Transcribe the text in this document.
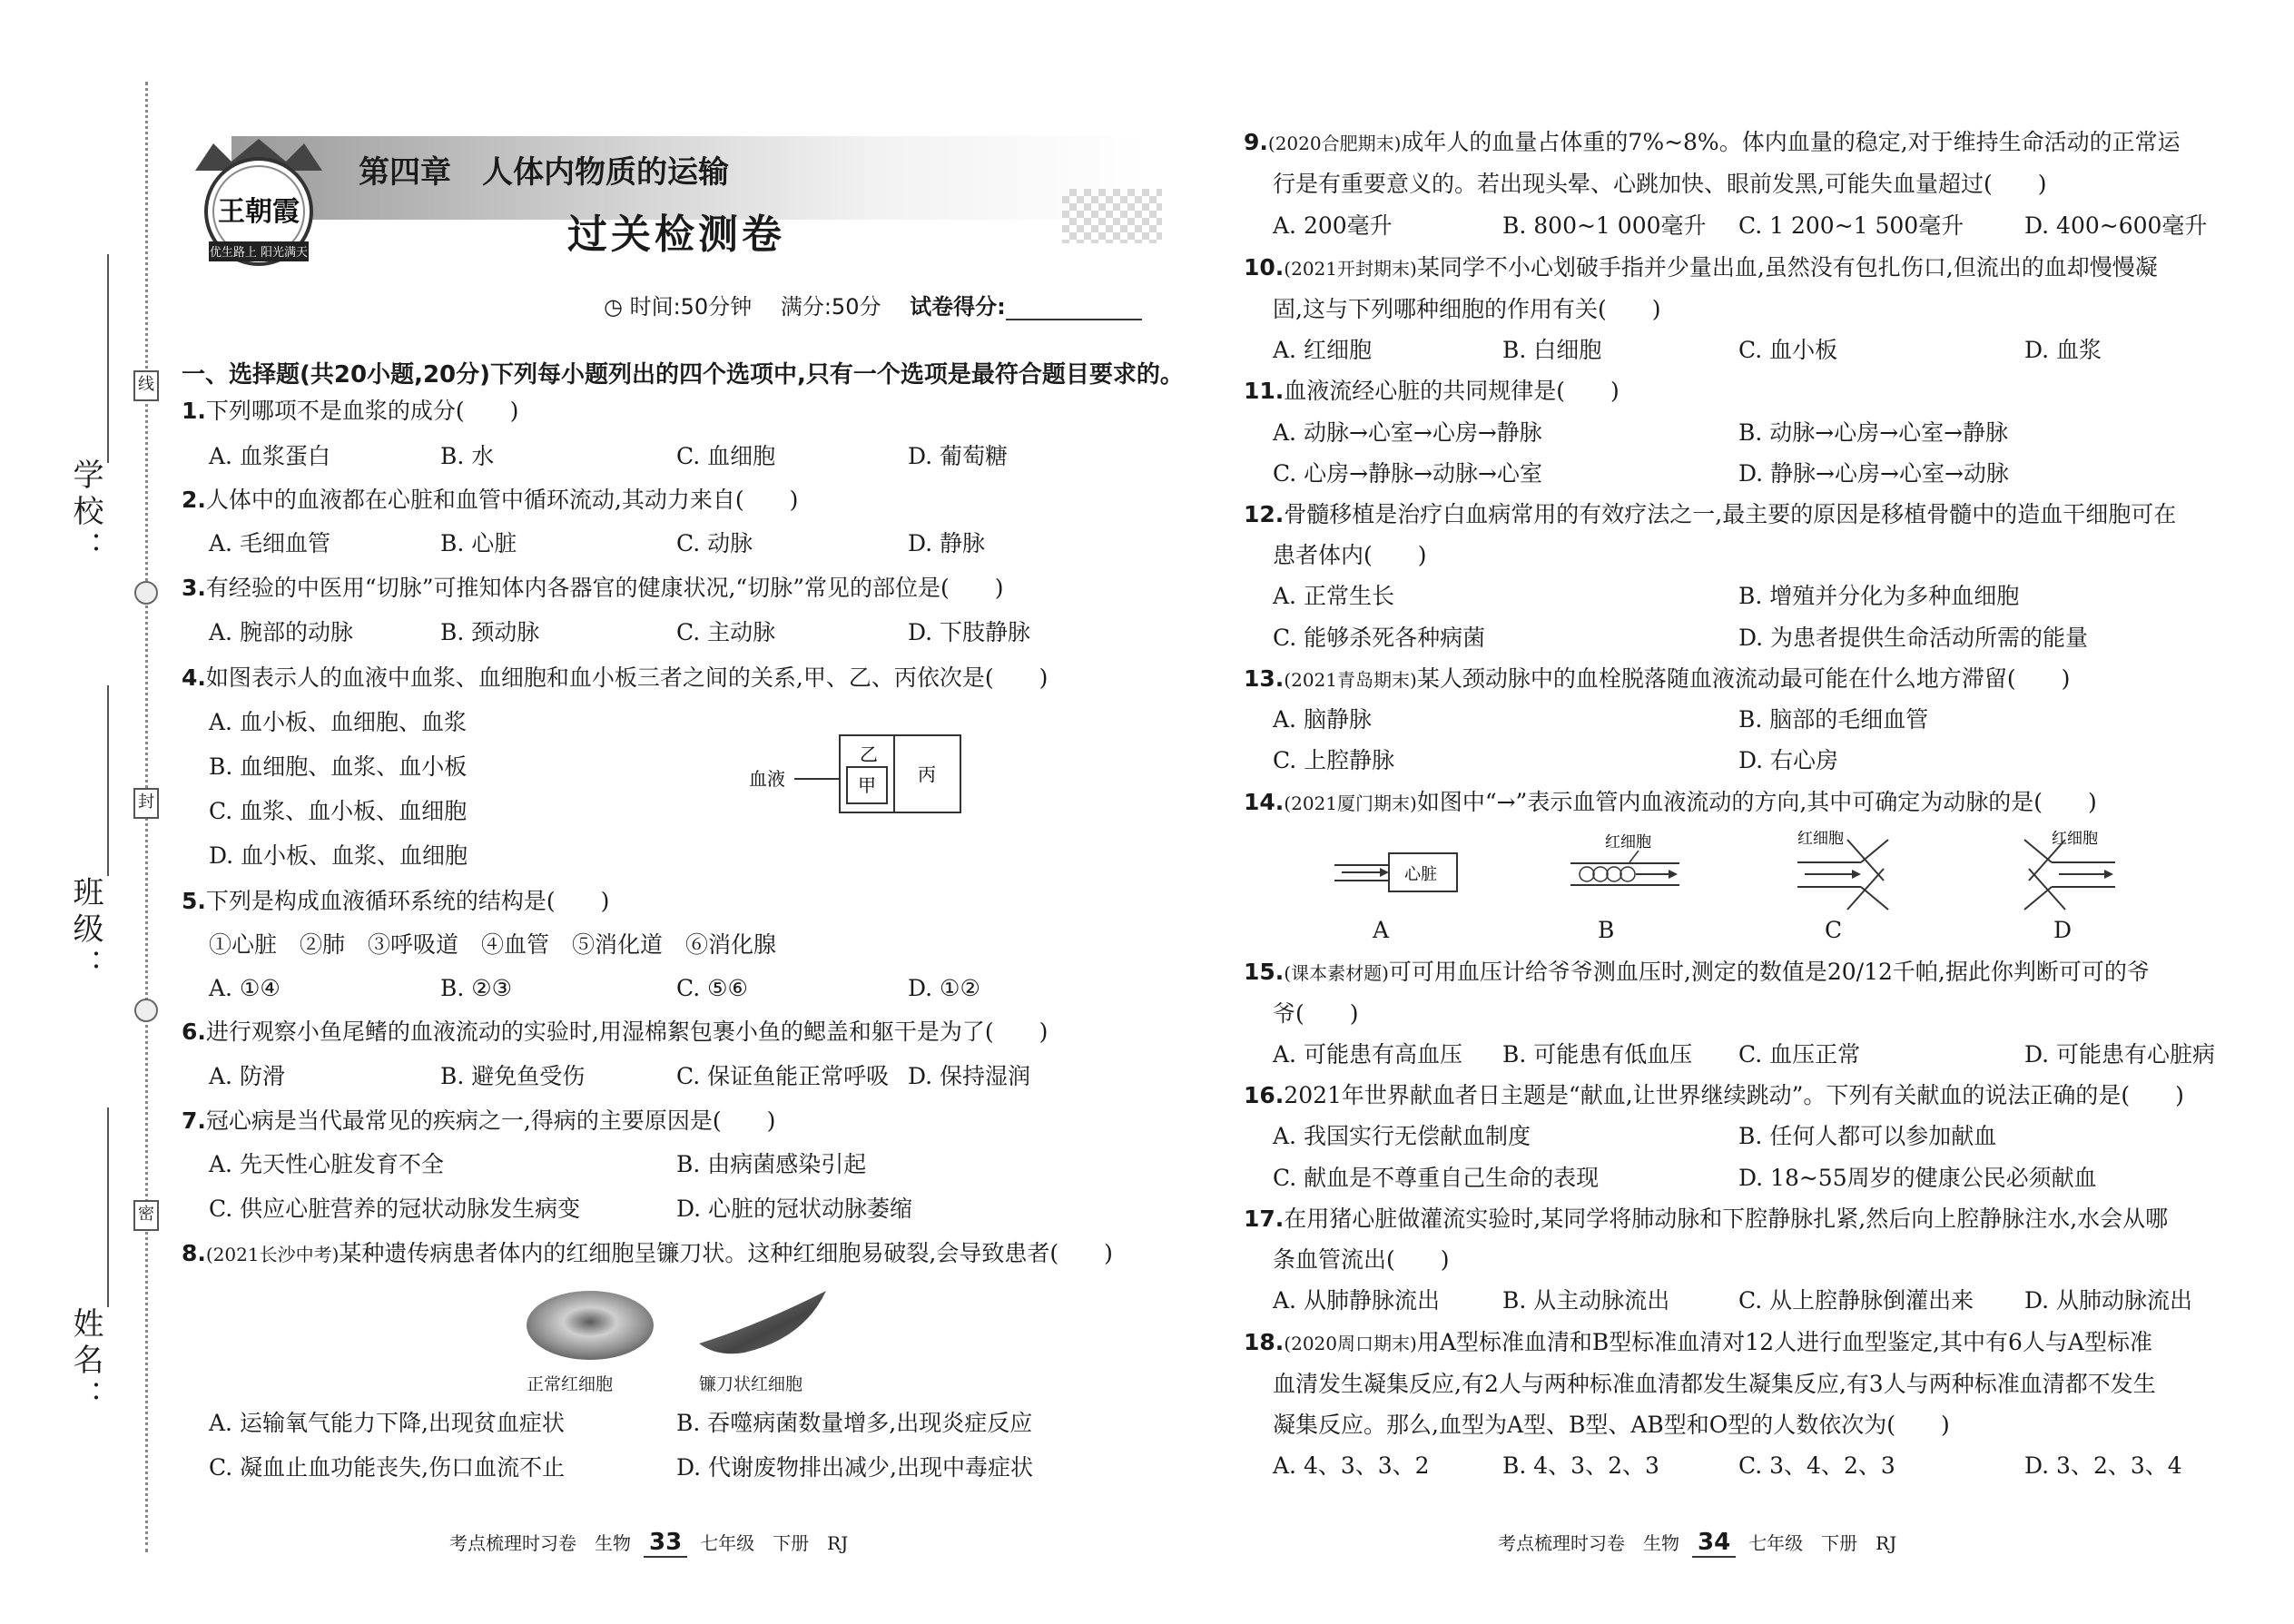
学校：
班级：
姓名：
线
封
密
王朝霞
优生路上 阳光满天
第四章　人体内物质的运输
过关检测卷
◷ 时间:50分钟 满分:50分 试卷得分:
一、选择题(共20小题,20分)下列每小题列出的四个选项中,只有一个选项是最符合题目要求的。
1.下列哪项不是血浆的成分(　　)
A. 血浆蛋白	B. 水	C. 血细胞	D. 葡萄糖
2.人体中的血液都在心脏和血管中循环流动,其动力来自(　　)
A. 毛细血管	B. 心脏	C. 动脉	D. 静脉
3.有经验的中医用“切脉”可推知体内各器官的健康状况,“切脉”常见的部位是(　　)
A. 腕部的动脉	B. 颈动脉	C. 主动脉	D. 下肢静脉
4.如图表示人的血液中血浆、血细胞和血小板三者之间的关系,甲、乙、丙依次是(　　)
A. 血小板、血细胞、血浆
B. 血细胞、血浆、血小板
C. 血浆、血小板、血细胞
D. 血小板、血浆、血细胞
血液
乙
甲 丙
5.下列是构成血液循环系统的结构是(　　)
①心脏　②肺　③呼吸道　④血管　⑤消化道　⑥消化腺
A. ①④	B. ②③	C. ⑤⑥	D. ①②
6.进行观察小鱼尾鳍的血液流动的实验时,用湿棉絮包裹小鱼的鳃盖和躯干是为了(　　)
A. 防滑	B. 避免鱼受伤	C. 保证鱼能正常呼吸 D. 保持湿润
7.冠心病是当代最常见的疾病之一,得病的主要原因是(　　)
A. 先天性心脏发育不全	B. 由病菌感染引起
C. 供应心脏营养的冠状动脉发生病变	D. 心脏的冠状动脉萎缩
8.(2021长沙中考)某种遗传病患者体内的红细胞呈镰刀状。这种红细胞易破裂,会导致患者(　　)
正常红细胞	镰刀状红细胞
A. 运输氧气能力下降,出现贫血症状	B. 吞噬病菌数量增多,出现炎症反应
C. 凝血止血功能丧失,伤口血流不止	D. 代谢废物排出减少,出现中毒症状
考点梳理时习卷　生物 33 七年级　下册　RJ
9.(2020合肥期末)成年人的血量占体重的7%~8%。体内血量的稳定,对于维持生命活动的正常运
行是有重要意义的。若出现头晕、心跳加快、眼前发黑,可能失血量超过(　　)
A. 200毫升	B. 800~1 000毫升 C. 1 200~1 500毫升	D. 400~600毫升
10.(2021开封期末)某同学不小心划破手指并少量出血,虽然没有包扎伤口,但流出的血却慢慢凝
固,这与下列哪种细胞的作用有关(　　)
A. 红细胞	B. 白细胞	C. 血小板	D. 血浆
11.血液流经心脏的共同规律是(　　)
A. 动脉→心室→心房→静脉	B. 动脉→心房→心室→静脉
C. 心房→静脉→动脉→心室	D. 静脉→心房→心室→动脉
12.骨髓移植是治疗白血病常用的有效疗法之一,最主要的原因是移植骨髓中的造血干细胞可在
患者体内(　　)
A. 正常生长	B. 增殖并分化为多种血细胞
C. 能够杀死各种病菌	D. 为患者提供生命活动所需的能量
13.(2021青岛期末)某人颈动脉中的血栓脱落随血液流动最可能在什么地方滞留(　　)
A. 脑静脉	B. 脑部的毛细血管
C. 上腔静脉	D. 右心房
14.(2021厦门期末)如图中“→”表示血管内血液流动的方向,其中可确定为动脉的是(　　)
心脏
红细胞	红细胞	红细胞
A	B	C	D
15.(课本素材题)可可用血压计给爷爷测血压时,测定的数值是20/12千帕,据此你判断可可的爷
爷(　　)
A. 可能患有高血压 B. 可能患有低血压 C. 血压正常	D. 可能患有心脏病
16.2021年世界献血者日主题是“献血,让世界继续跳动”。下列有关献血的说法正确的是(　　)
A. 我国实行无偿献血制度	B. 任何人都可以参加献血
C. 献血是不尊重自己生命的表现	D. 18~55周岁的健康公民必须献血
17.在用猪心脏做灌流实验时,某同学将肺动脉和下腔静脉扎紧,然后向上腔静脉注水,水会从哪
条血管流出(　　)
A. 从肺静脉流出	B. 从主动脉流出	C. 从上腔静脉倒灌出来 D. 从肺动脉流出
18.(2020周口期末)用A型标准血清和B型标准血清对12人进行血型鉴定,其中有6人与A型标准
血清发生凝集反应,有2人与两种标准血清都发生凝集反应,有3人与两种标准血清都不发生
凝集反应。那么,血型为A型、B型、AB型和O型的人数依次为(　　)
A. 4、3、3、2	B. 4、3、2、3	C. 3、4、2、3	D. 3、2、3、4
考点梳理时习卷　生物 34 七年级　下册　RJ
